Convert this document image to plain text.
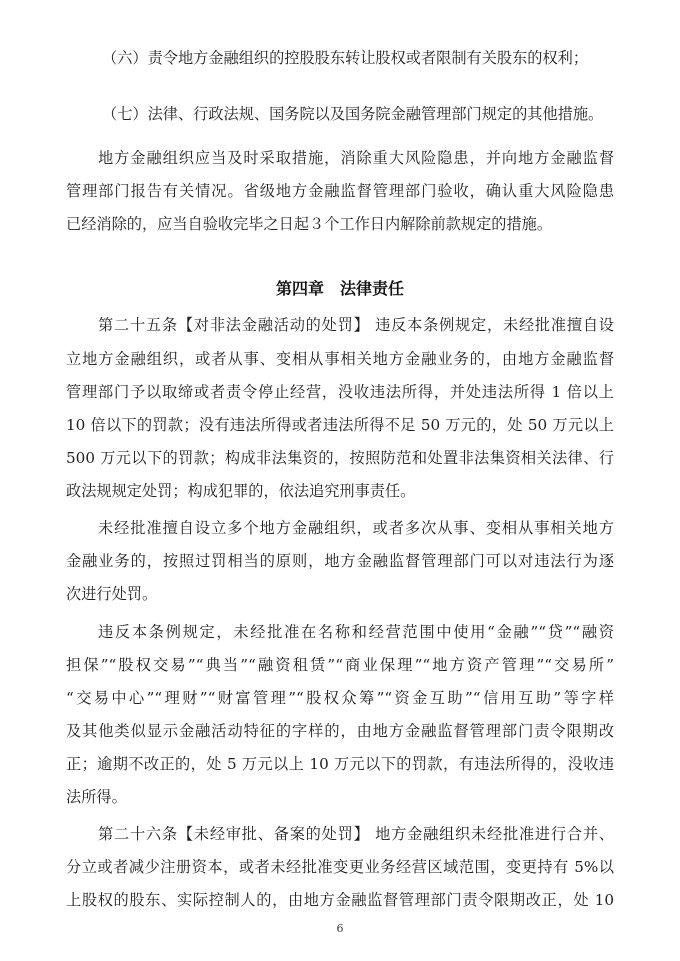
（六）责令地方金融组织的控股股东转让股权或者限制有关股东的权利；
（七）法律、行政法规、国务院以及国务院金融管理部门规定的其他措施。
地方金融组织应当及时采取措施，消除重大风险隐患，并向地方金融监督
管理部门报告有关情况。省级地方金融监督管理部门验收，确认重大风险隐患
已经消除的，应当自验收完毕之日起３个工作日内解除前款规定的措施。
第四章　法律责任
第二十五条【对非法金融活动的处罚】 违反本条例规定，未经批准擅自设
立地方金融组织，或者从事、变相从事相关地方金融业务的，由地方金融监督
管理部门予以取缔或者责令停止经营，没收违法所得，并处违法所得 1 倍以上
10 倍以下的罚款；没有违法所得或者违法所得不足 50 万元的，处 50 万元以上
500 万元以下的罚款；构成非法集资的，按照防范和处置非法集资相关法律、行
政法规规定处罚；构成犯罪的，依法追究刑事责任。
未经批准擅自设立多个地方金融组织，或者多次从事、变相从事相关地方
金融业务的，按照过罚相当的原则，地方金融监督管理部门可以对违法行为逐
次进行处罚。
违反本条例规定，未经批准在名称和经营范围中使用“金融”“贷”“融资
担保”“股权交易”“典当”“融资租赁”“商业保理”“地方资产管理”“交易所”
“交易中心”“理财”“财富管理”“股权众筹”“资金互助”“信用互助”等字样
及其他类似显示金融活动特征的字样的，由地方金融监督管理部门责令限期改
正；逾期不改正的，处 5 万元以上 10 万元以下的罚款，有违法所得的，没收违
法所得。
第二十六条【未经审批、备案的处罚】 地方金融组织未经批准进行合并、
分立或者减少注册资本，或者未经批准变更业务经营区域范围，变更持有 5%以
上股权的股东、实际控制人的，由地方金融监督管理部门责令限期改正，处 10
6
